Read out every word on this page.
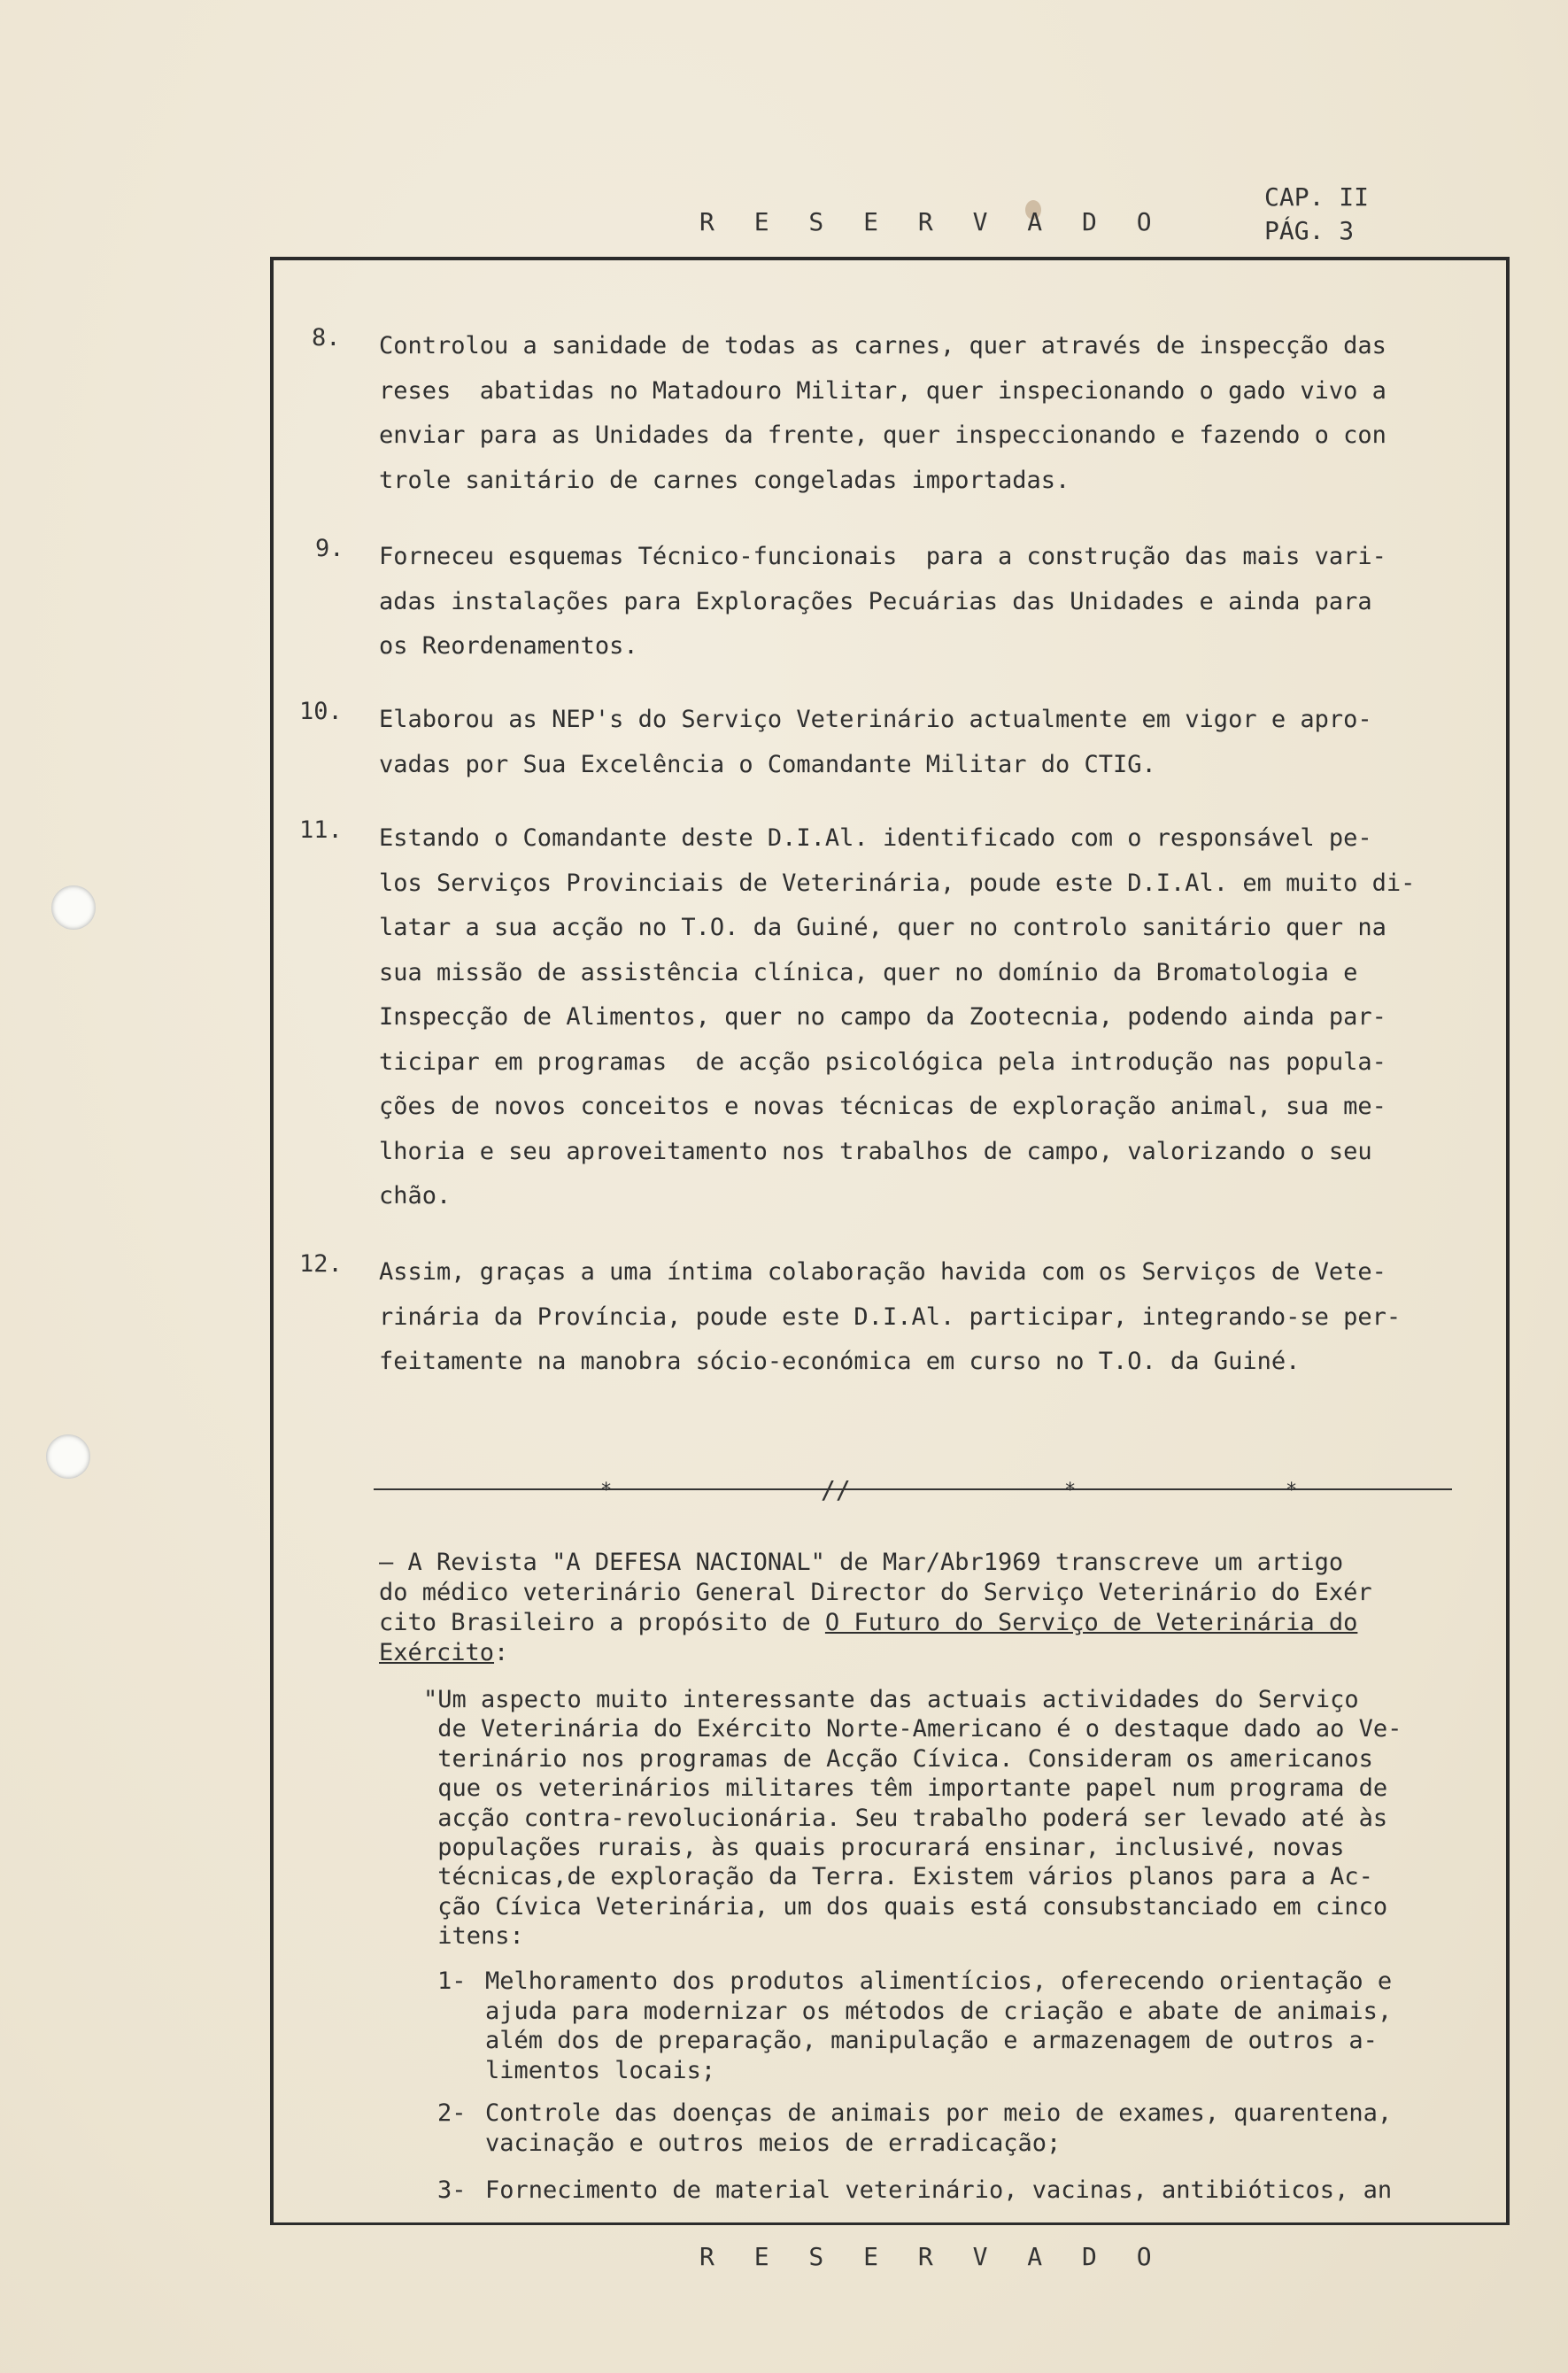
R E S E R V A D O
CAP. II
PÁG. 3
8. Controlou a sanidade de todas as carnes, quer através de inspecção das
reses  abatidas no Matadouro Militar, quer inspecionando o gado vivo a
enviar para as Unidades da frente, quer inspeccionando e fazendo o con
trole sanitário de carnes congeladas importadas.
9. Forneceu esquemas Técnico-funcionais  para a construção das mais vari-
adas instalações para Explorações Pecuárias das Unidades e ainda para
os Reordenamentos.
10. Elaborou as NEP's do Serviço Veterinário actualmente em vigor e apro-
vadas por Sua Excelência o Comandante Militar do CTIG.
11. Estando o Comandante deste D.I.Al. identificado com o responsável pe-
los Serviços Provinciais de Veterinária, poude este D.I.Al. em muito di-
latar a sua acção no T.O. da Guiné, quer no controlo sanitário quer na
sua missão de assistência clínica, quer no domínio da Bromatologia e
Inspecção de Alimentos, quer no campo da Zootecnia, podendo ainda par-
ticipar em programas  de acção psicológica pela introdução nas popula-
ções de novos conceitos e novas técnicas de exploração animal, sua me-
lhoria e seu aproveitamento nos trabalhos de campo, valorizando o seu
chão.
12. Assim, graças a uma íntima colaboração havida com os Serviços de Vete-
rinária da Província, poude este D.I.Al. participar, integrando-se per-
feitamente na manobra sócio-económica em curso no T.O. da Guiné.
*	//	*	*
— A Revista "A DEFESA NACIONAL" de Mar/Abr1969 transcreve um artigo
do médico veterinário General Director do Serviço Veterinário do Exér
cito Brasileiro a propósito de O Futuro do Serviço de Veterinária do
Exército:
"Um aspecto muito interessante das actuais actividades do Serviço
de Veterinária do Exército Norte-Americano é o destaque dado ao Ve-
terinário nos programas de Acção Cívica. Consideram os americanos
que os veterinários militares têm importante papel num programa de
acção contra-revolucionária. Seu trabalho poderá ser levado até às
populações rurais, às quais procurará ensinar, inclusivé, novas
técnicas,de exploração da Terra. Existem vários planos para a Ac-
ção Cívica Veterinária, um dos quais está consubstanciado em cinco
itens:
1- Melhoramento dos produtos alimentícios, oferecendo orientação e
ajuda para modernizar os métodos de criação e abate de animais,
além dos de preparação, manipulação e armazenagem de outros a-
limentos locais;
2- Controle das doenças de animais por meio de exames, quarentena,
vacinação e outros meios de erradicação;
3- Fornecimento de material veterinário, vacinas, antibióticos, an
R E S E R V A D O
